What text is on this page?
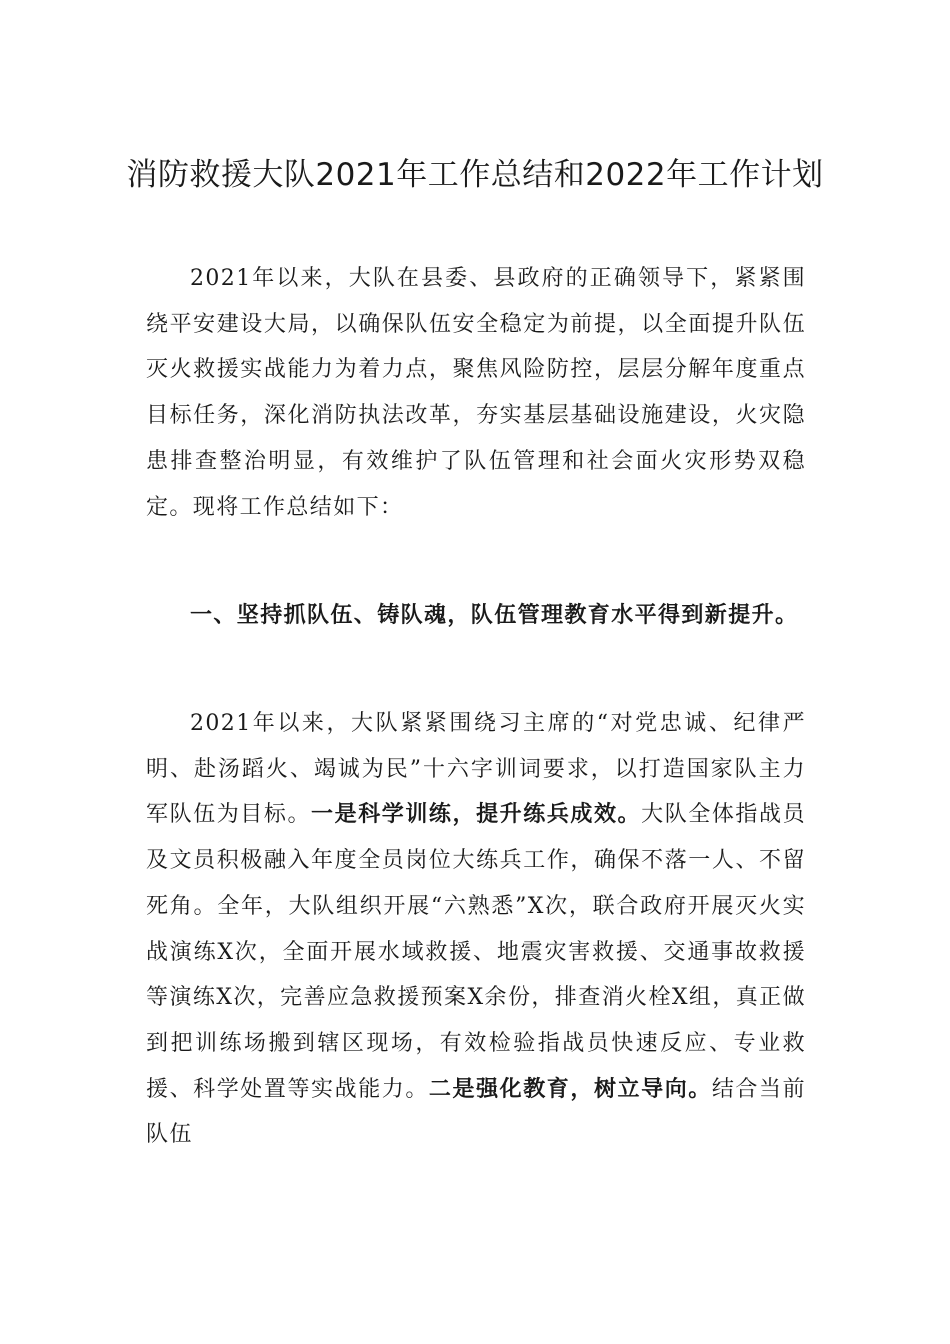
消防救援大队2021年工作总结和2022年工作计划

2021年以来，大队在县委、县政府的正确领导下，紧紧围绕平安建设大局，以确保队伍安全稳定为前提，以全面提升队伍灭火救援实战能力为着力点，聚焦风险防控，层层分解年度重点目标任务，深化消防执法改革，夯实基层基础设施建设，火灾隐患排查整治明显，有效维护了队伍管理和社会面火灾形势双稳定。现将工作总结如下：

一、坚持抓队伍、铸队魂，队伍管理教育水平得到新提升。

2021年以来，大队紧紧围绕习主席的“对党忠诚、纪律严明、赴汤蹈火、竭诚为民”十六字训词要求，以打造国家队主力军队伍为目标。一是科学训练，提升练兵成效。大队全体指战员及文员积极融入年度全员岗位大练兵工作，确保不落一人、不留死角。全年，大队组织开展“六熟悉”X次，联合政府开展灭火实战演练X次，全面开展水域救援、地震灾害救援、交通事故救援等演练X次，完善应急救援预案X余份，排查消火栓X组，真正做到把训练场搬到辖区现场，有效检验指战员快速反应、专业救援、科学处置等实战能力。二是强化教育，树立导向。结合当前队伍
